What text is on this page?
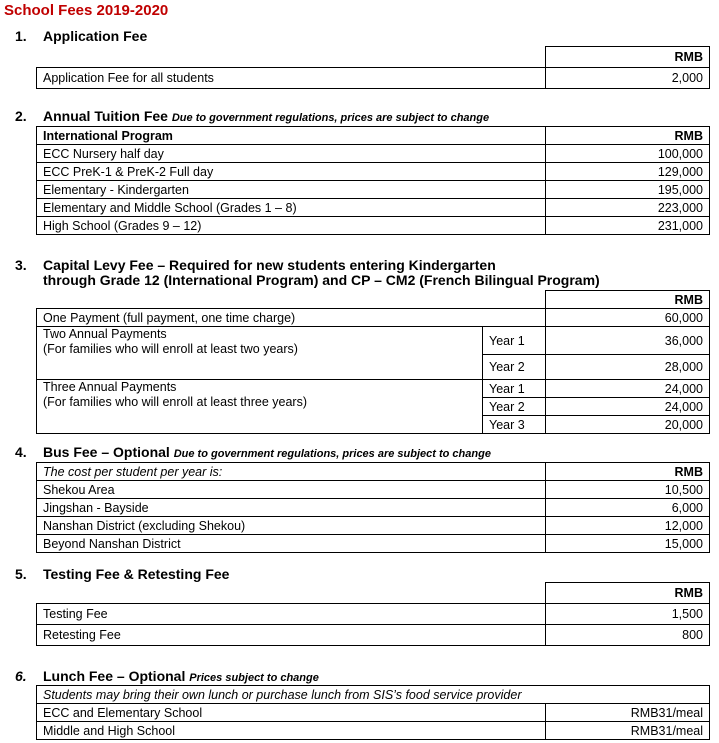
School Fees 2019-2020
1. Application Fee
	RMB
Application Fee for all students	2,000
2. Annual Tuition Fee Due to government regulations, prices are subject to change
International Program	RMB
ECC Nursery half day	100,000
ECC PreK-1 & PreK-2 Full day	129,000
Elementary - Kindergarten	195,000
Elementary and Middle School (Grades 1 – 8)	223,000
High School (Grades 9 – 12)	231,000
3. Capital Levy Fee – Required for new students entering Kindergarten
through Grade 12 (International Program) and CP – CM2 (French Bilingual Program)
		RMB
One Payment (full payment, one time charge)		60,000
Two Annual Payments
(For families who will enroll at least two years)	Year 1	36,000
	Year 2	28,000
Three Annual Payments
(For families who will enroll at least three years)	Year 1	24,000
	Year 2	24,000
	Year 3	20,000
4. Bus Fee – Optional Due to government regulations, prices are subject to change
The cost per student per year is:	RMB
Shekou Area	10,500
Jingshan - Bayside	6,000
Nanshan District (excluding Shekou)	12,000
Beyond Nanshan District	15,000
5. Testing Fee & Retesting Fee
	RMB
Testing Fee	1,500
Retesting Fee	800
6. Lunch Fee – Optional Prices subject to change
Students may bring their own lunch or purchase lunch from SIS’s food service provider	
ECC and Elementary School	RMB31/meal
Middle and High School	RMB31/meal
